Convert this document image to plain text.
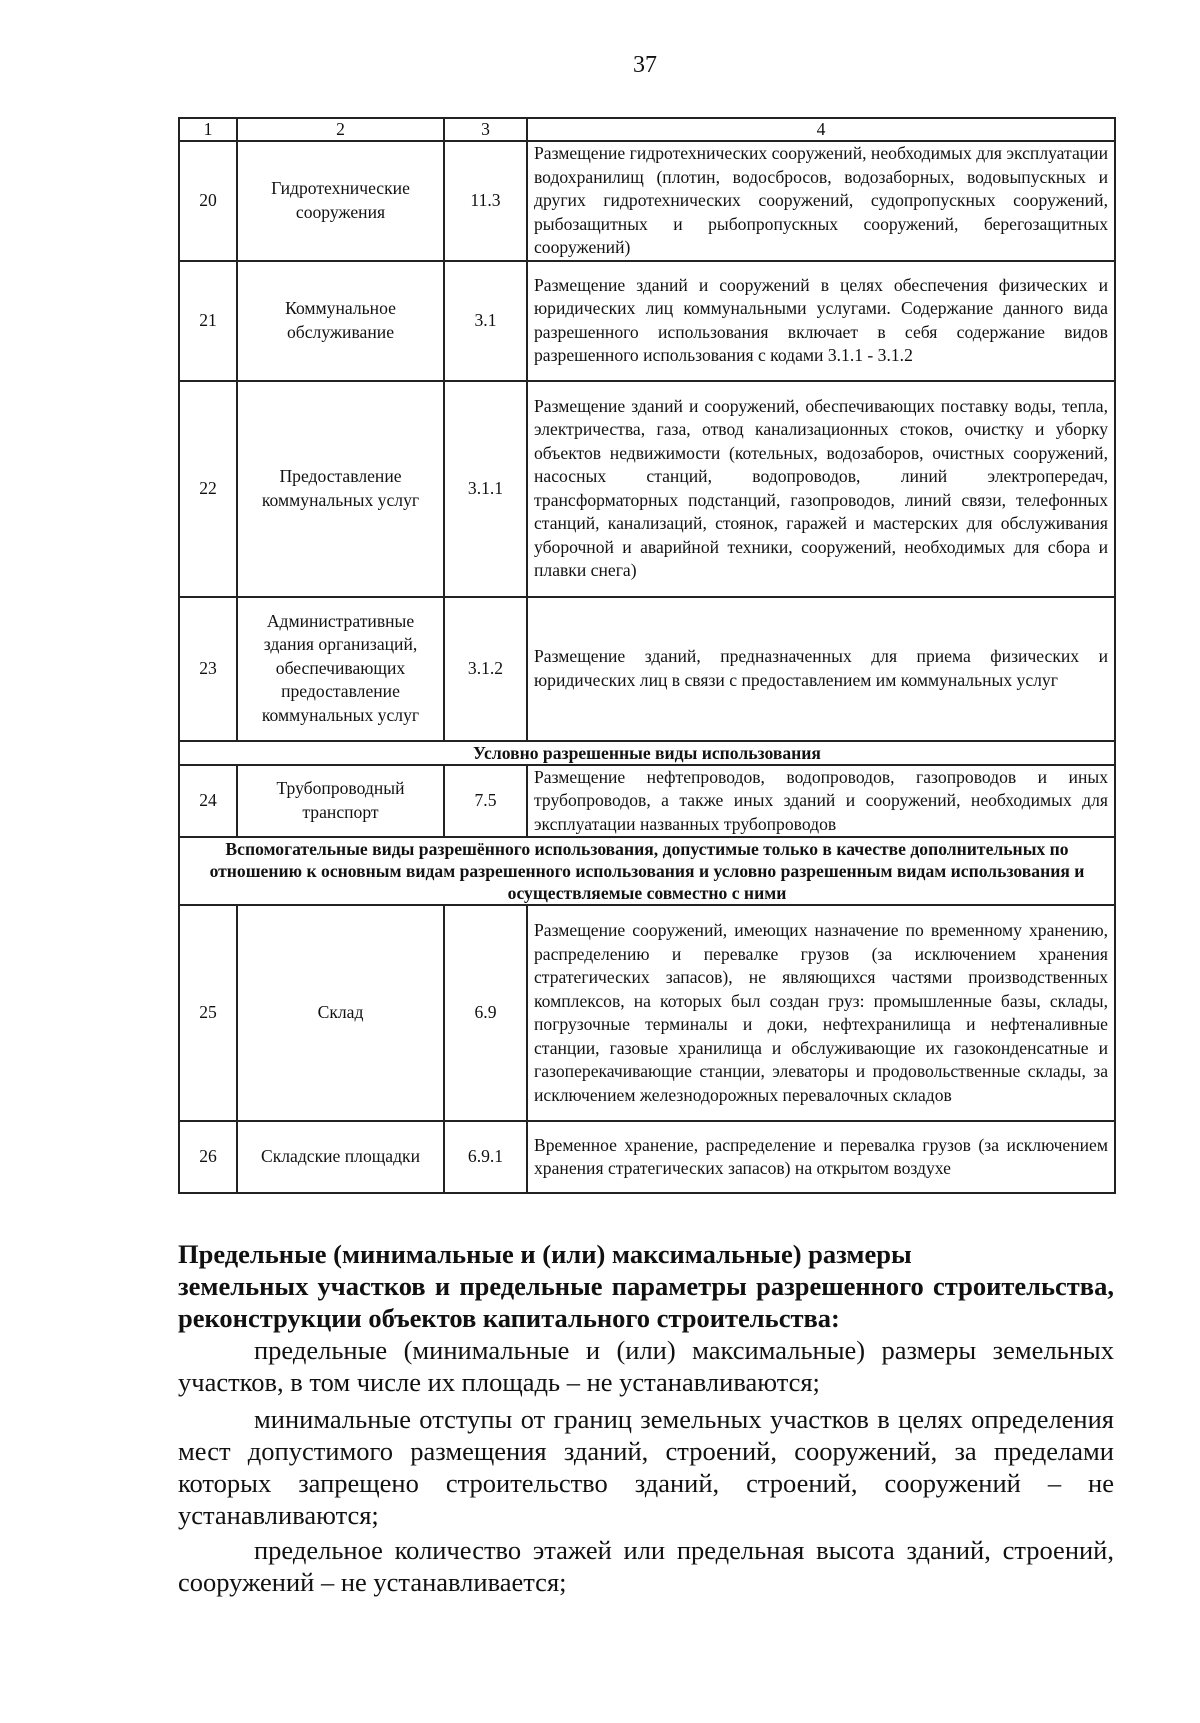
37
1	2	3	4
20	Гидротехнические сооружения	11.3	Размещение гидротехнических сооружений, необходимых для эксплуатации водохранилищ (плотин, водосбросов, водозаборных, водовыпускных и других гидротехнических сооружений, судопропускных сооружений, рыбозащитных и рыбопропускных сооружений, берегозащитных сооружений)
21	Коммунальное обслуживание	3.1	Размещение зданий и сооружений в целях обеспечения физических и юридических лиц коммунальными услугами. Содержание данного вида разрешенного использования включает в себя содержание видов разрешенного использования с кодами 3.1.1 - 3.1.2
22	Предоставление коммунальных услуг	3.1.1	Размещение зданий и сооружений, обеспечивающих поставку воды, тепла, электричества, газа, отвод канализационных стоков, очистку и уборку объектов недвижимости (котельных, водозаборов, очистных сооружений, насосных станций, водопроводов, линий электропередач, трансформаторных подстанций, газопроводов, линий связи, телефонных станций, канализаций, стоянок, гаражей и мастерских для обслуживания уборочной и аварийной техники, сооружений, необходимых для сбора и плавки снега)
23	Административные здания организаций, обеспечивающих предоставление коммунальных услуг	3.1.2	Размещение зданий, предназначенных для приема физических и юридических лиц в связи с предоставлением им коммунальных услуг
Условно разрешенные виды использования			
24	Трубопроводный транспорт	7.5	Размещение нефтепроводов, водопроводов, газопроводов и иных трубопроводов, а также иных зданий и сооружений, необходимых для эксплуатации названных трубопроводов
Вспомогательные виды разрешённого использования, допустимые только в качестве дополнительных по отношению к основным видам разрешенного использования и условно разрешенным видам использования и осуществляемые совместно с ними			
25	Склад	6.9	Размещение сооружений, имеющих назначение по временному хранению, распределению и перевалке грузов (за исключением хранения стратегических запасов), не являющихся частями производственных комплексов, на которых был создан груз: промышленные базы, склады, погрузочные терминалы и доки, нефтехранилища и нефтеналивные станции, газовые хранилища и обслуживающие их газоконденсатные и газоперекачивающие станции, элеваторы и продовольственные склады, за исключением железнодорожных перевалочных складов
26	Складские площадки	6.9.1	Временное хранение, распределение и перевалка грузов (за исключением хранения стратегических запасов) на открытом воздухе
Предельные (минимальные и (или) максимальные) размеры
земельных участков и предельные параметры разрешенного строительства, реконструкции объектов капитального строительства:
предельные (минимальные и (или) максимальные) размеры земельных участков, в том числе их площадь – не устанавливаются;
минимальные отступы от границ земельных участков в целях определения мест допустимого размещения зданий, строений, сооружений, за пределами которых запрещено строительство зданий, строений, сооружений – не устанавливаются;
предельное количество этажей или предельная высота зданий, строений, сооружений – не устанавливается;
